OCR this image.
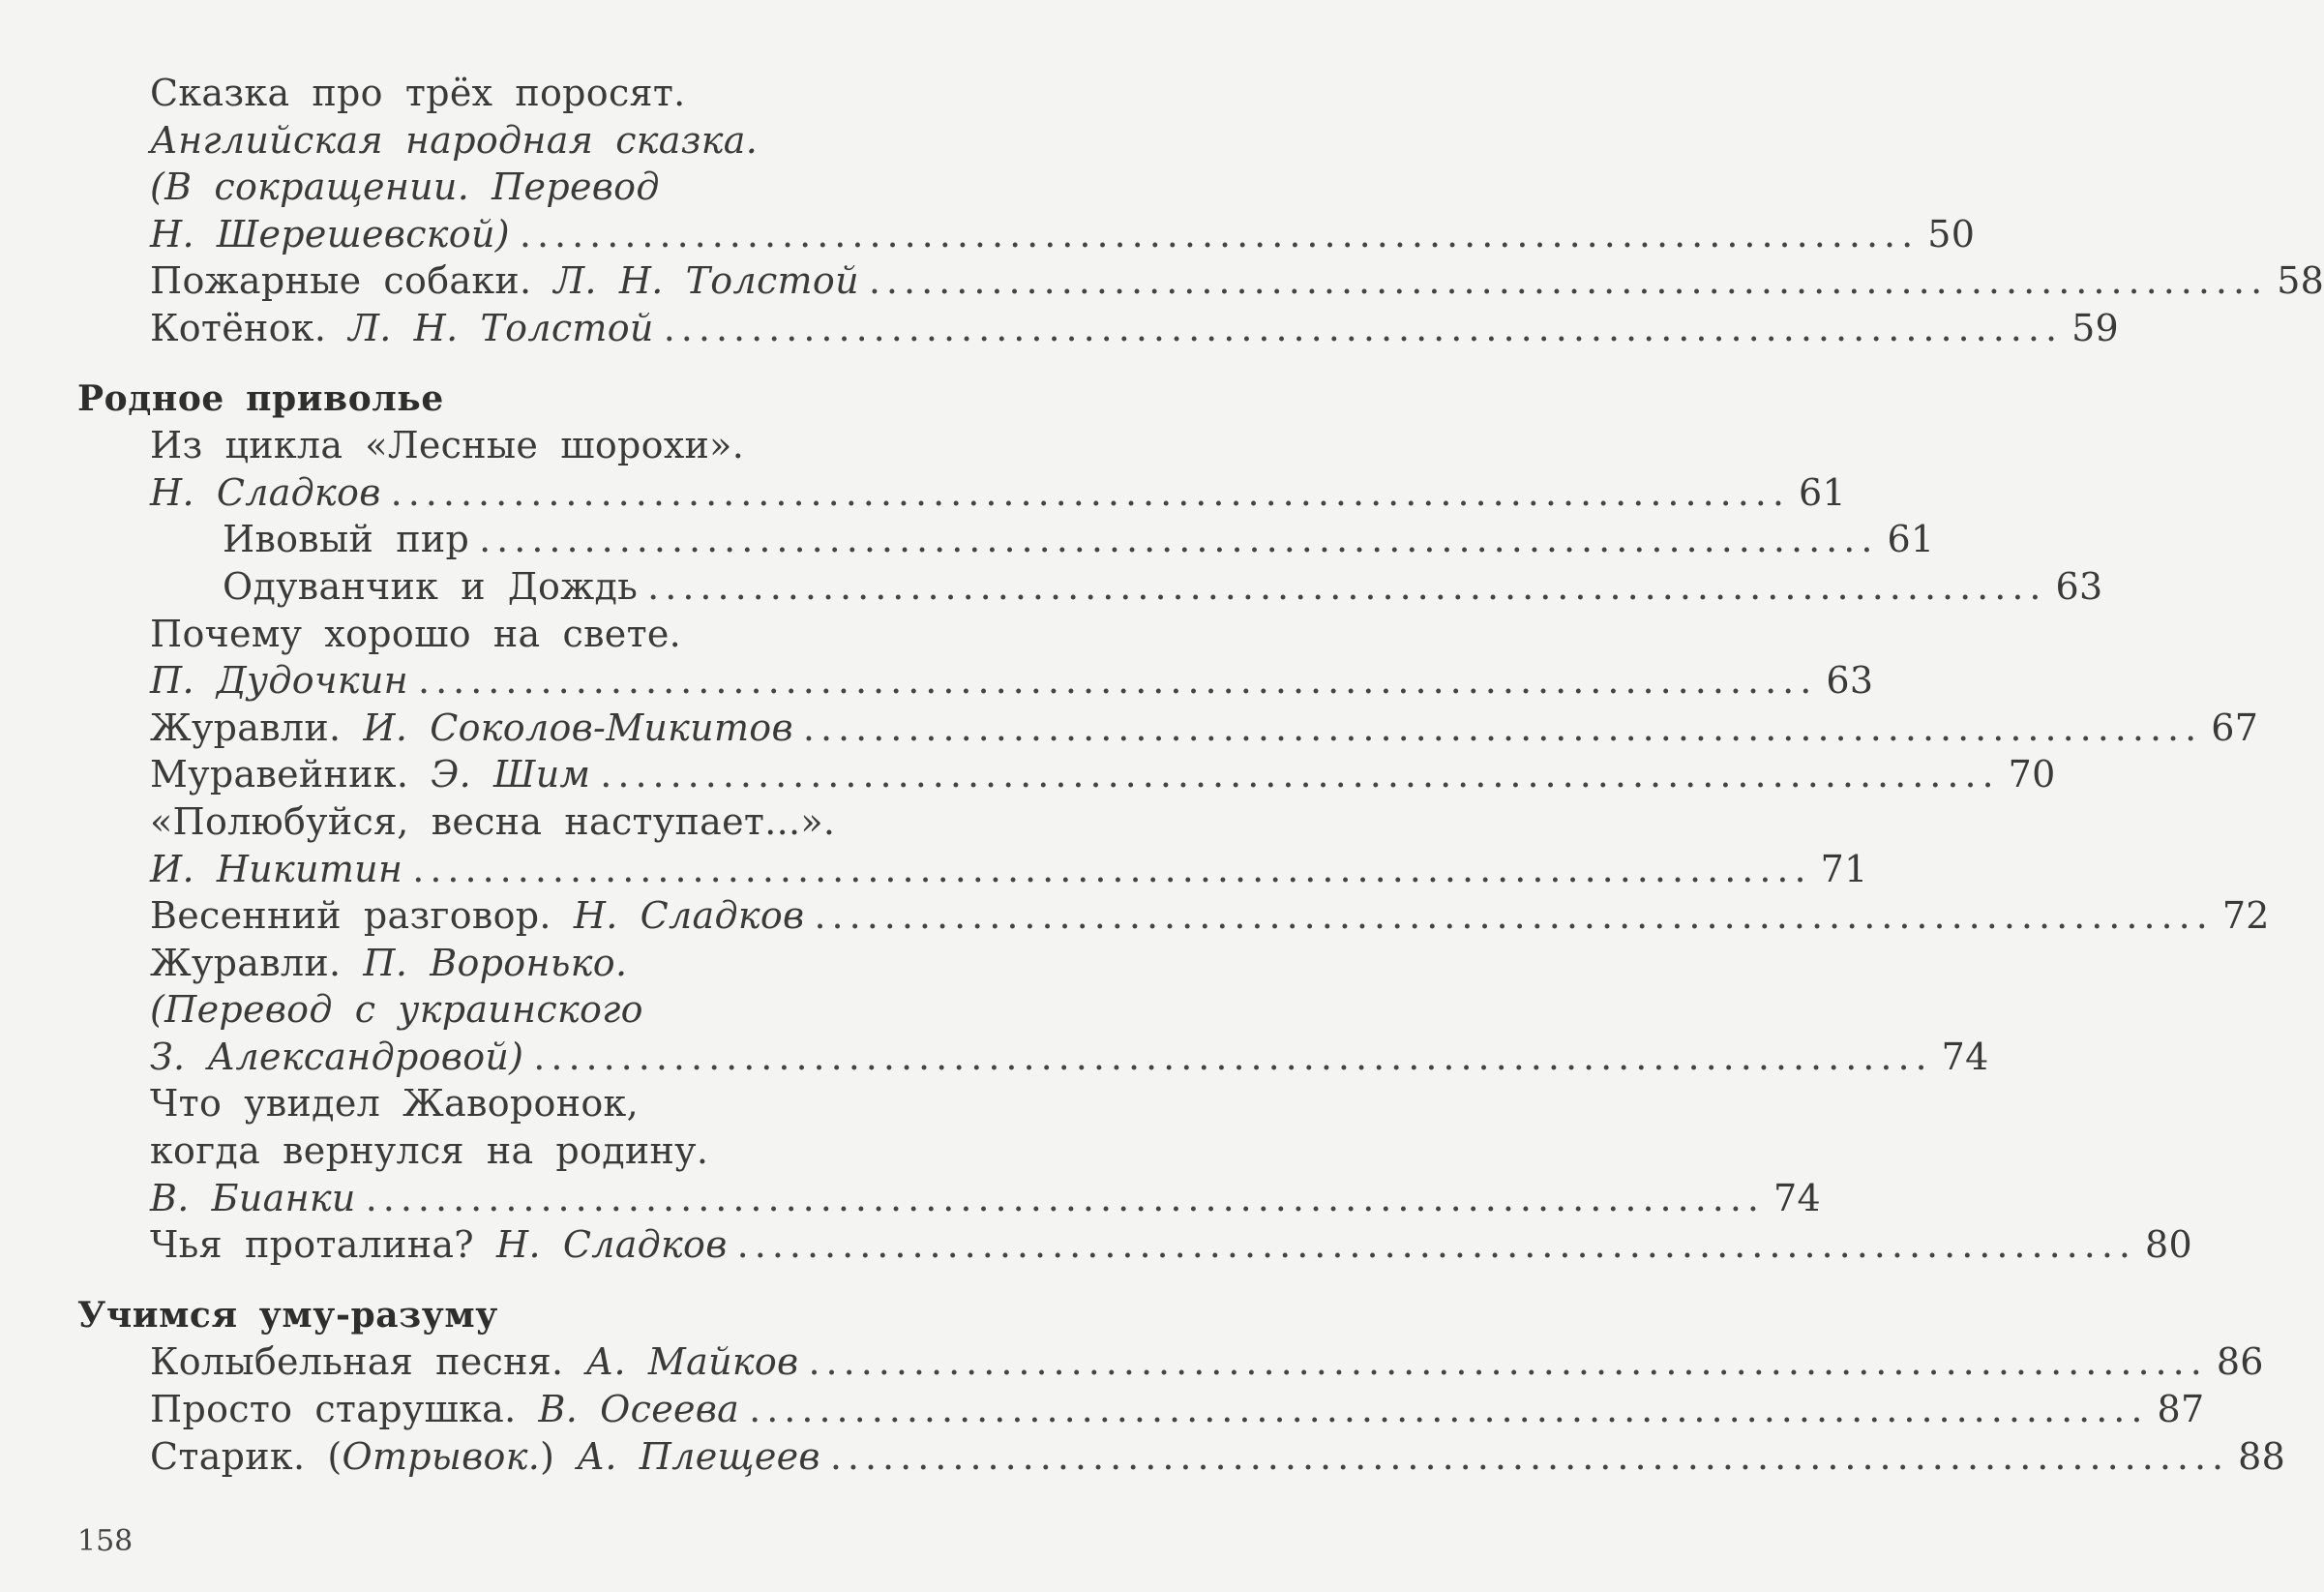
Сказка про трёх поросят.
Английская народная сказка.
(В сокращении. Перевод
Н. Шерешевской) ................................................................................ 50
Пожарные собаки. Л. Н. Толстой ................................................................................ 58
Котёнок. Л. Н. Толстой ................................................................................ 59
Родное приволье
Из цикла «Лесные шорохи».
Н. Сладков ................................................................................ 61
Ивовый пир ................................................................................ 61
Одуванчик и Дождь ................................................................................ 63
Почему хорошо на свете.
П. Дудочкин ................................................................................ 63
Журавли. И. Соколов-Микитов ................................................................................ 67
Муравейник. Э. Шим ................................................................................ 70
«Полюбуйся, весна наступает...».
И. Никитин ................................................................................ 71
Весенний разговор. Н. Сладков ................................................................................ 72
Журавли. П. Воронько.
(Перевод с украинского
З. Александровой) ................................................................................ 74
Что увидел Жаворонок,
когда вернулся на родину.
В. Бианки ................................................................................ 74
Чья проталина? Н. Сладков ................................................................................ 80
Учимся уму-разуму
Колыбельная песня. А. Майков ................................................................................ 86
Просто старушка. В. Осеева ................................................................................ 87
Старик. (Отрывок.) А. Плещеев ................................................................................ 88
158
